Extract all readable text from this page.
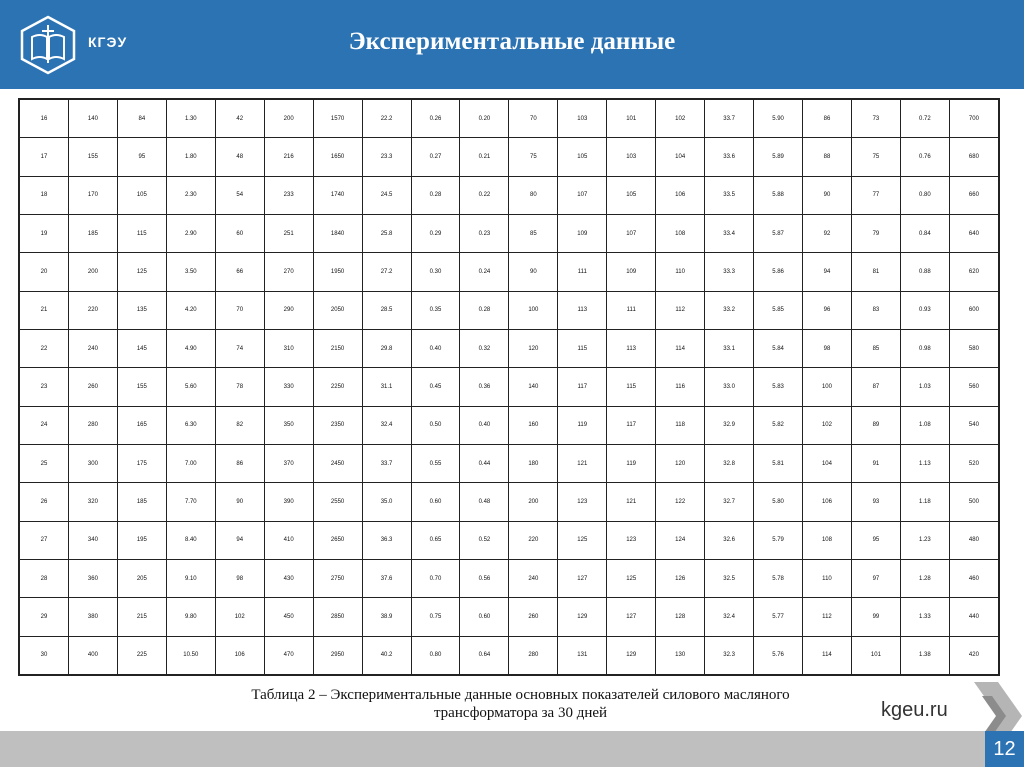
КГЭУ	Экспериментальные данные
16	140	84	1.30	42	200	1570	22.2	0.26	0.20	70	103	101	102	33.7	5.90	86	73	0.72	700
17	155	95	1.80	48	216	1650	23.3	0.27	0.21	75	105	103	104	33.6	5.89	88	75	0.76	680
18	170	105	2.30	54	233	1740	24.5	0.28	0.22	80	107	105	106	33.5	5.88	90	77	0.80	660
19	185	115	2.90	60	251	1840	25.8	0.29	0.23	85	109	107	108	33.4	5.87	92	79	0.84	640
20	200	125	3.50	66	270	1950	27.2	0.30	0.24	90	111	109	110	33.3	5.86	94	81	0.88	620
21	220	135	4.20	70	290	2050	28.5	0.35	0.28	100	113	111	112	33.2	5.85	96	83	0.93	600
22	240	145	4.90	74	310	2150	29.8	0.40	0.32	120	115	113	114	33.1	5.84	98	85	0.98	580
23	260	155	5.60	78	330	2250	31.1	0.45	0.36	140	117	115	116	33.0	5.83	100	87	1.03	560
24	280	165	6.30	82	350	2350	32.4	0.50	0.40	160	119	117	118	32.9	5.82	102	89	1.08	540
25	300	175	7.00	86	370	2450	33.7	0.55	0.44	180	121	119	120	32.8	5.81	104	91	1.13	520
26	320	185	7.70	90	390	2550	35.0	0.60	0.48	200	123	121	122	32.7	5.80	106	93	1.18	500
27	340	195	8.40	94	410	2650	36.3	0.65	0.52	220	125	123	124	32.6	5.79	108	95	1.23	480
28	360	205	9.10	98	430	2750	37.6	0.70	0.56	240	127	125	126	32.5	5.78	110	97	1.28	460
29	380	215	9.80	102	450	2850	38.9	0.75	0.60	260	129	127	128	32.4	5.77	112	99	1.33	440
30	400	225	10.50	106	470	2950	40.2	0.80	0.64	280	131	129	130	32.3	5.76	114	101	1.38	420
Таблица 2 – Экспериментальные данные основных показателей силового масляного
трансформатора за 30 дней	kgeu.ru
12
